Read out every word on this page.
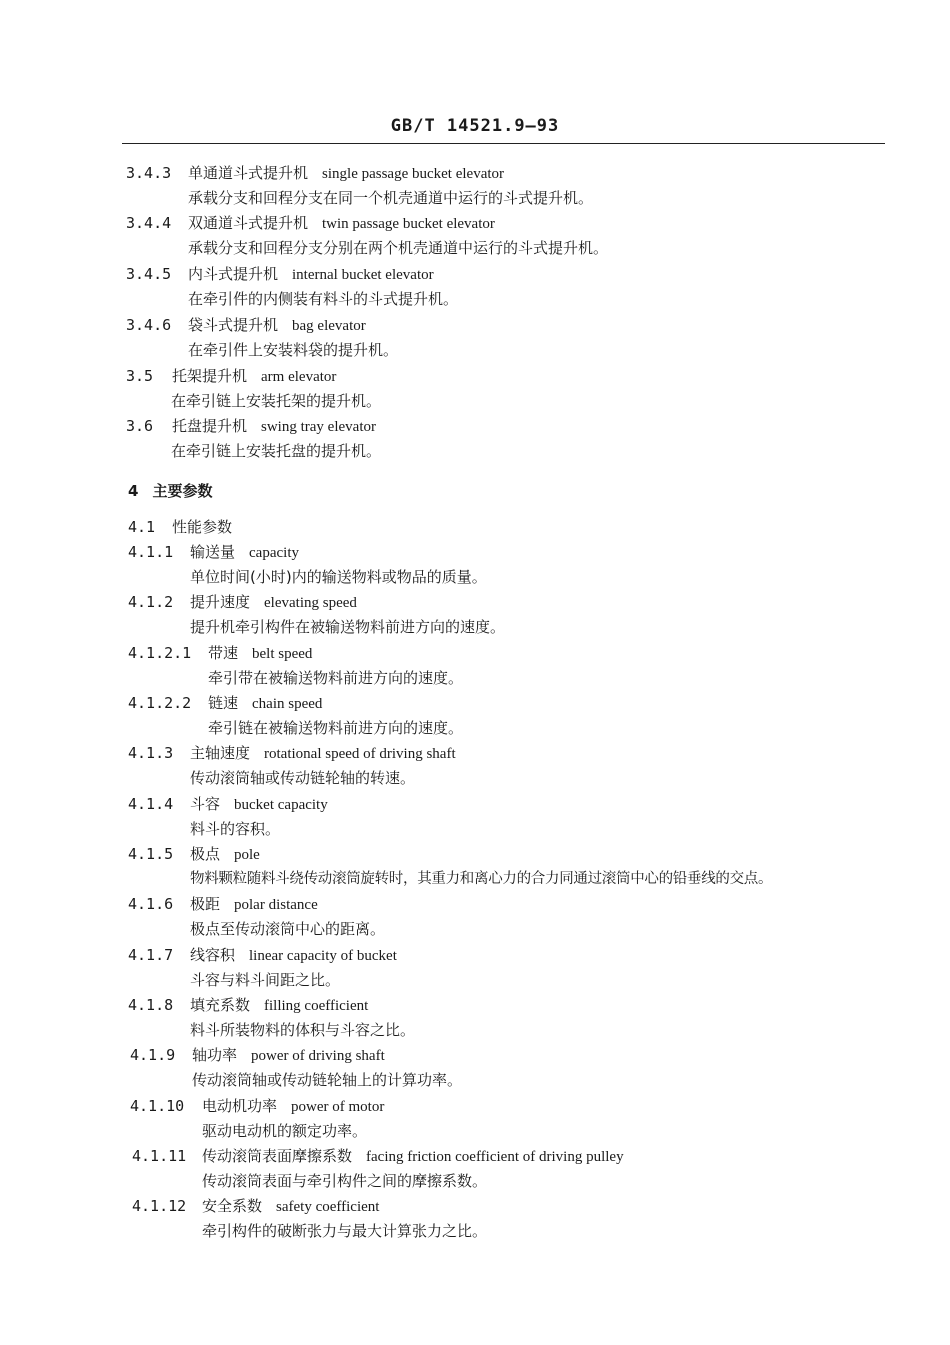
GB/T 14521.9—93
3.4.3 单通道斗式提升机 single passage bucket elevator
承载分支和回程分支在同一个机壳通道中运行的斗式提升机。
3.4.4 双通道斗式提升机 twin passage bucket elevator
承载分支和回程分支分别在两个机壳通道中运行的斗式提升机。
3.4.5 内斗式提升机 internal bucket elevator
在牵引件的内侧装有料斗的斗式提升机。
3.4.6 袋斗式提升机 bag elevator
在牵引件上安装料袋的提升机。
3.5 托架提升机 arm elevator
在牵引链上安装托架的提升机。
3.6 托盘提升机 swing tray elevator
在牵引链上安装托盘的提升机。
4 主要参数
4.1 性能参数
4.1.1 输送量 capacity
单位时间(小时)内的输送物料或物品的质量。
4.1.2 提升速度 elevating speed
提升机牵引构件在被输送物料前进方向的速度。
4.1.2.1 带速 belt speed
牵引带在被输送物料前进方向的速度。
4.1.2.2 链速 chain speed
牵引链在被输送物料前进方向的速度。
4.1.3 主轴速度 rotational speed of driving shaft
传动滚筒轴或传动链轮轴的转速。
4.1.4 斗容 bucket capacity
料斗的容积。
4.1.5 极点 pole
物料颗粒随料斗绕传动滚筒旋转时，其重力和离心力的合力同通过滚筒中心的铅垂线的交点。
4.1.6 极距 polar distance
极点至传动滚筒中心的距离。
4.1.7 线容积 linear capacity of bucket
斗容与料斗间距之比。
4.1.8 填充系数 filling coefficient
料斗所装物料的体积与斗容之比。
4.1.9 轴功率 power of driving shaft
传动滚筒轴或传动链轮轴上的计算功率。
4.1.10 电动机功率 power of motor
驱动电动机的额定功率。
4.1.11 传动滚筒表面摩擦系数 facing friction coefficient of driving pulley
传动滚筒表面与牵引构件之间的摩擦系数。
4.1.12 安全系数 safety coefficient
牵引构件的破断张力与最大计算张力之比。
